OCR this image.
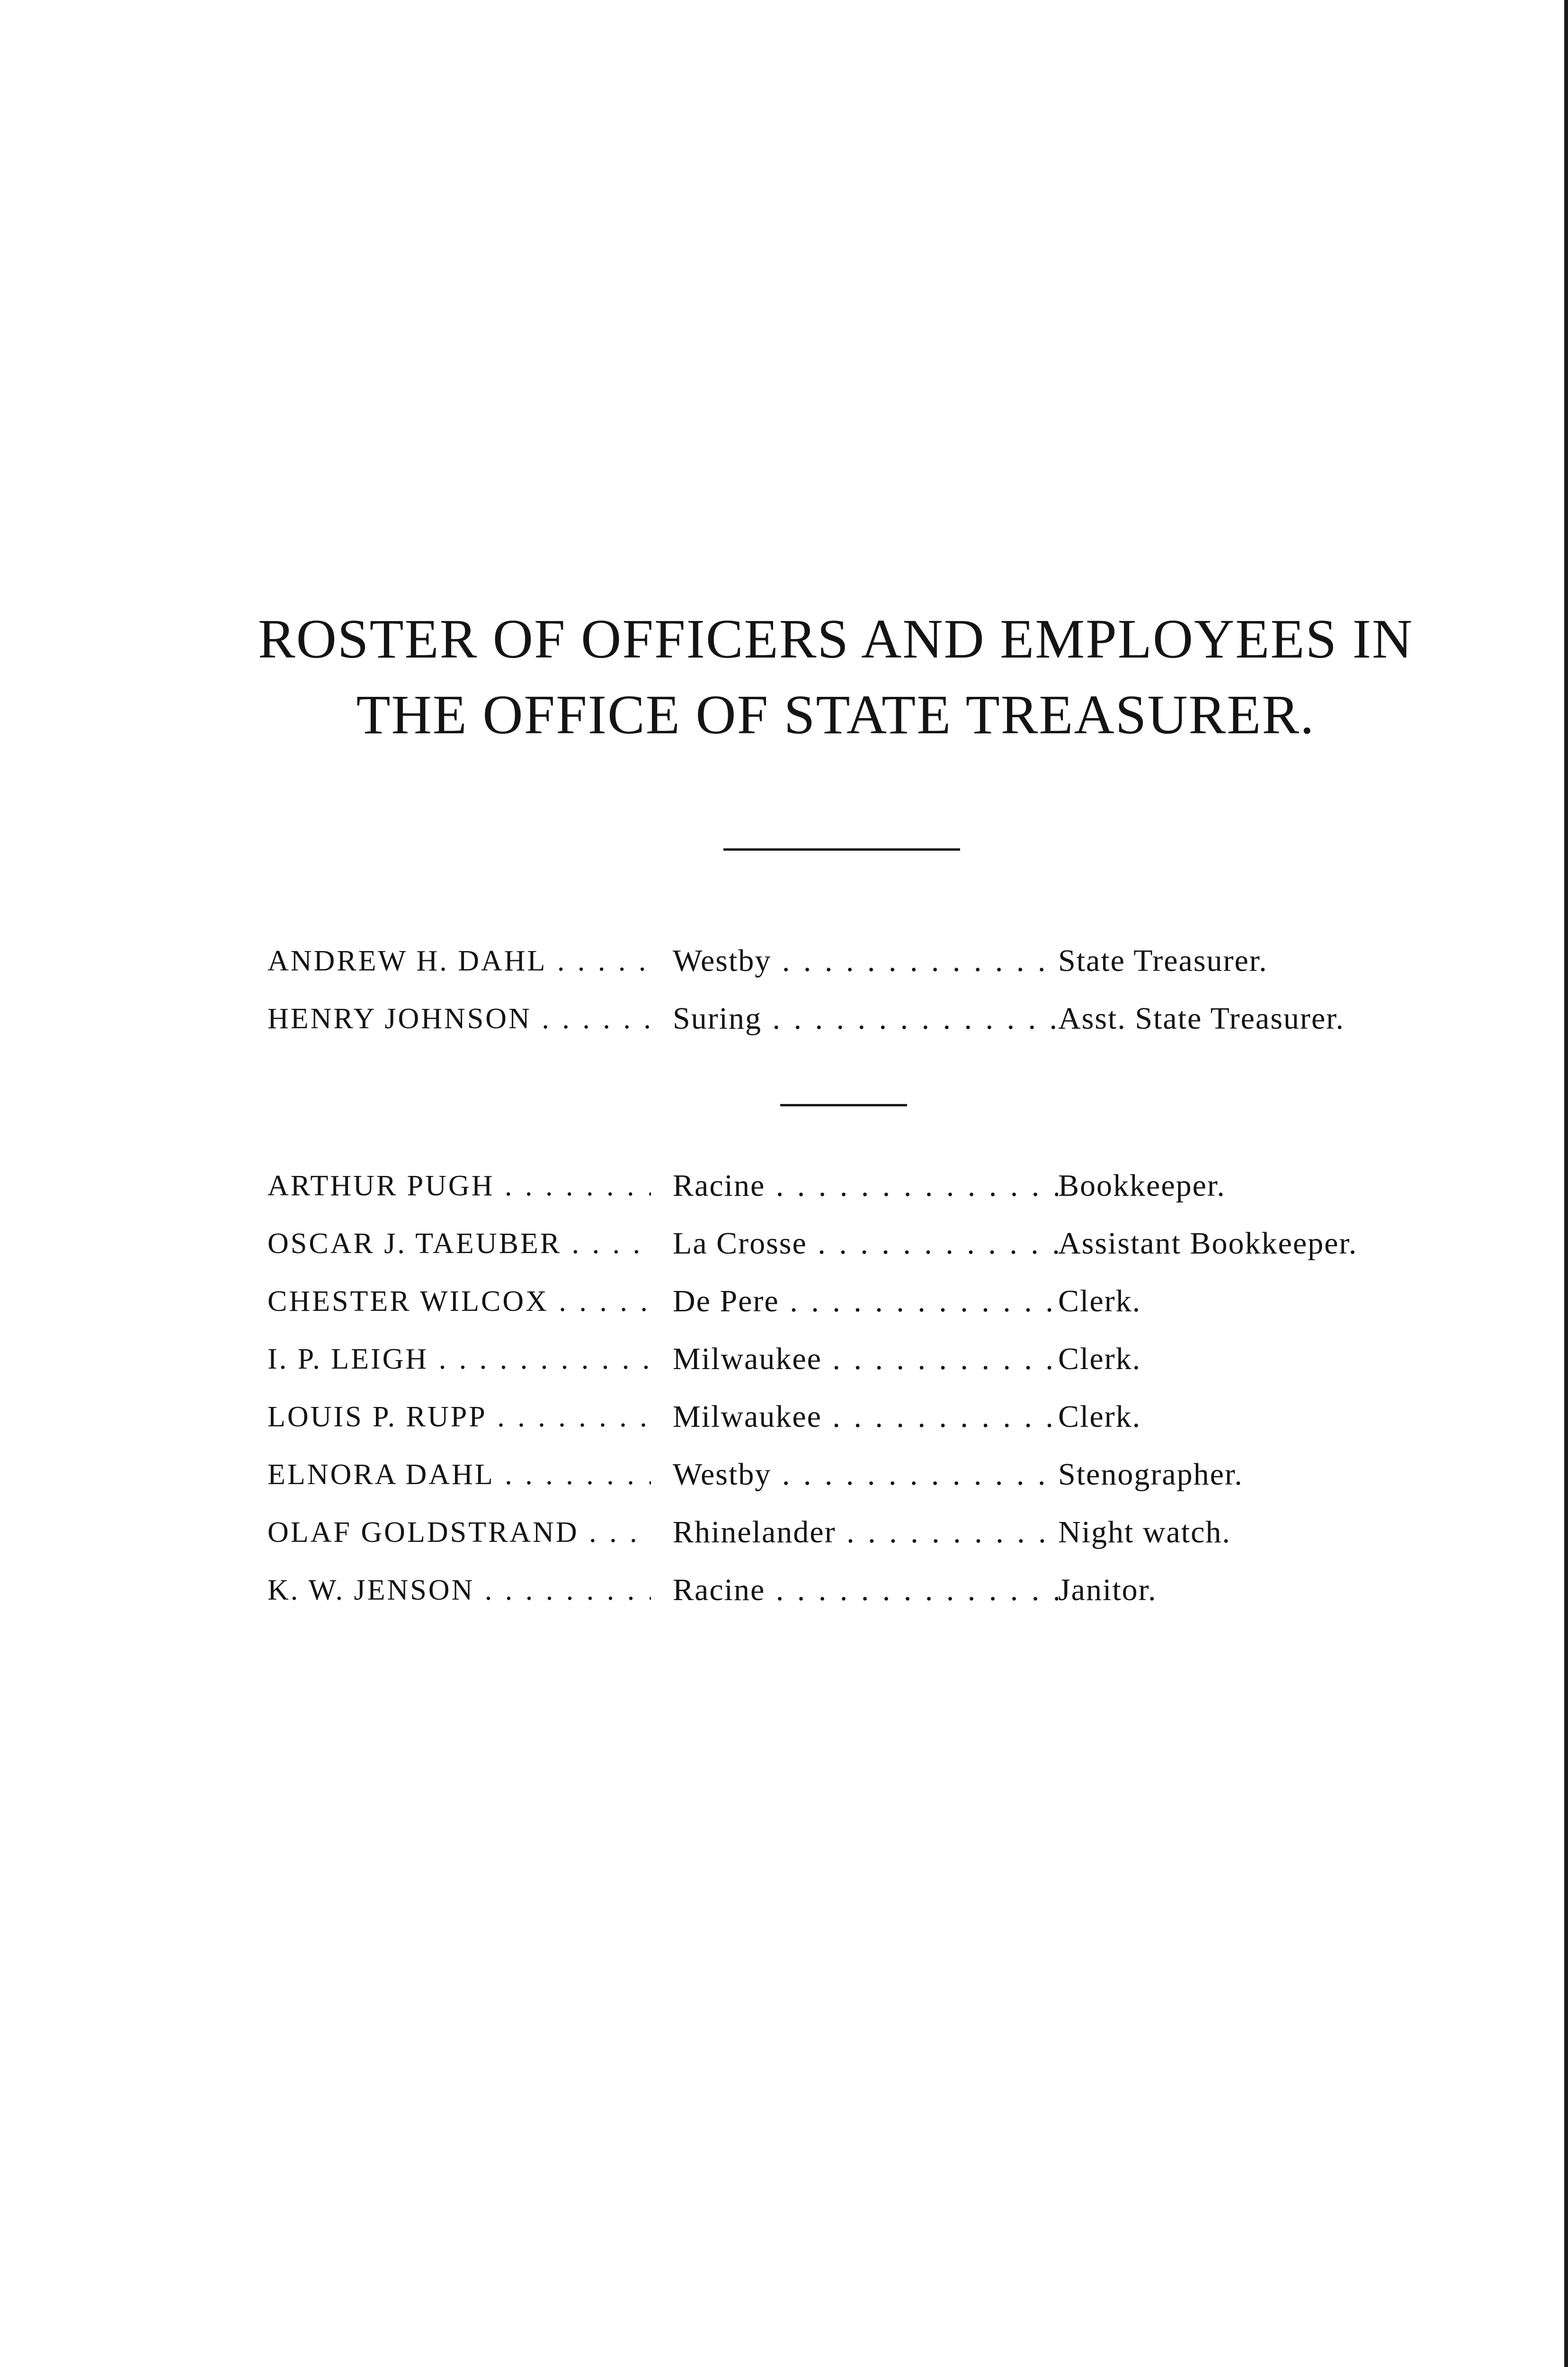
ROSTER OF OFFICERS AND EMPLOYEES IN
THE OFFICE OF STATE TREASURER.
ANDREW H. DAHL . . .	Westby . . .	State Treasurer.
HENRY JOHNSON . . .	Suring . . .	Asst. State Treasurer.
ARTHUR PUGH . . .	Racine . . .	Bookkeeper.
OSCAR J. TAEUBER . . .	La Crosse . . .	Assistant Bookkeeper.
CHESTER WILCOX . . .	De Pere . . .	Clerk.
I. P. LEIGH . . .	Milwaukee . . .	Clerk.
LOUIS P. RUPP . . .	Milwaukee . . .	Clerk.
ELNORA DAHL . . .	Westby . . .	Stenographer.
OLAF GOLDSTRAND . . .	Rhinelander . . .	Night watch.
K. W. JENSON . . .	Racine . . .	Janitor.
